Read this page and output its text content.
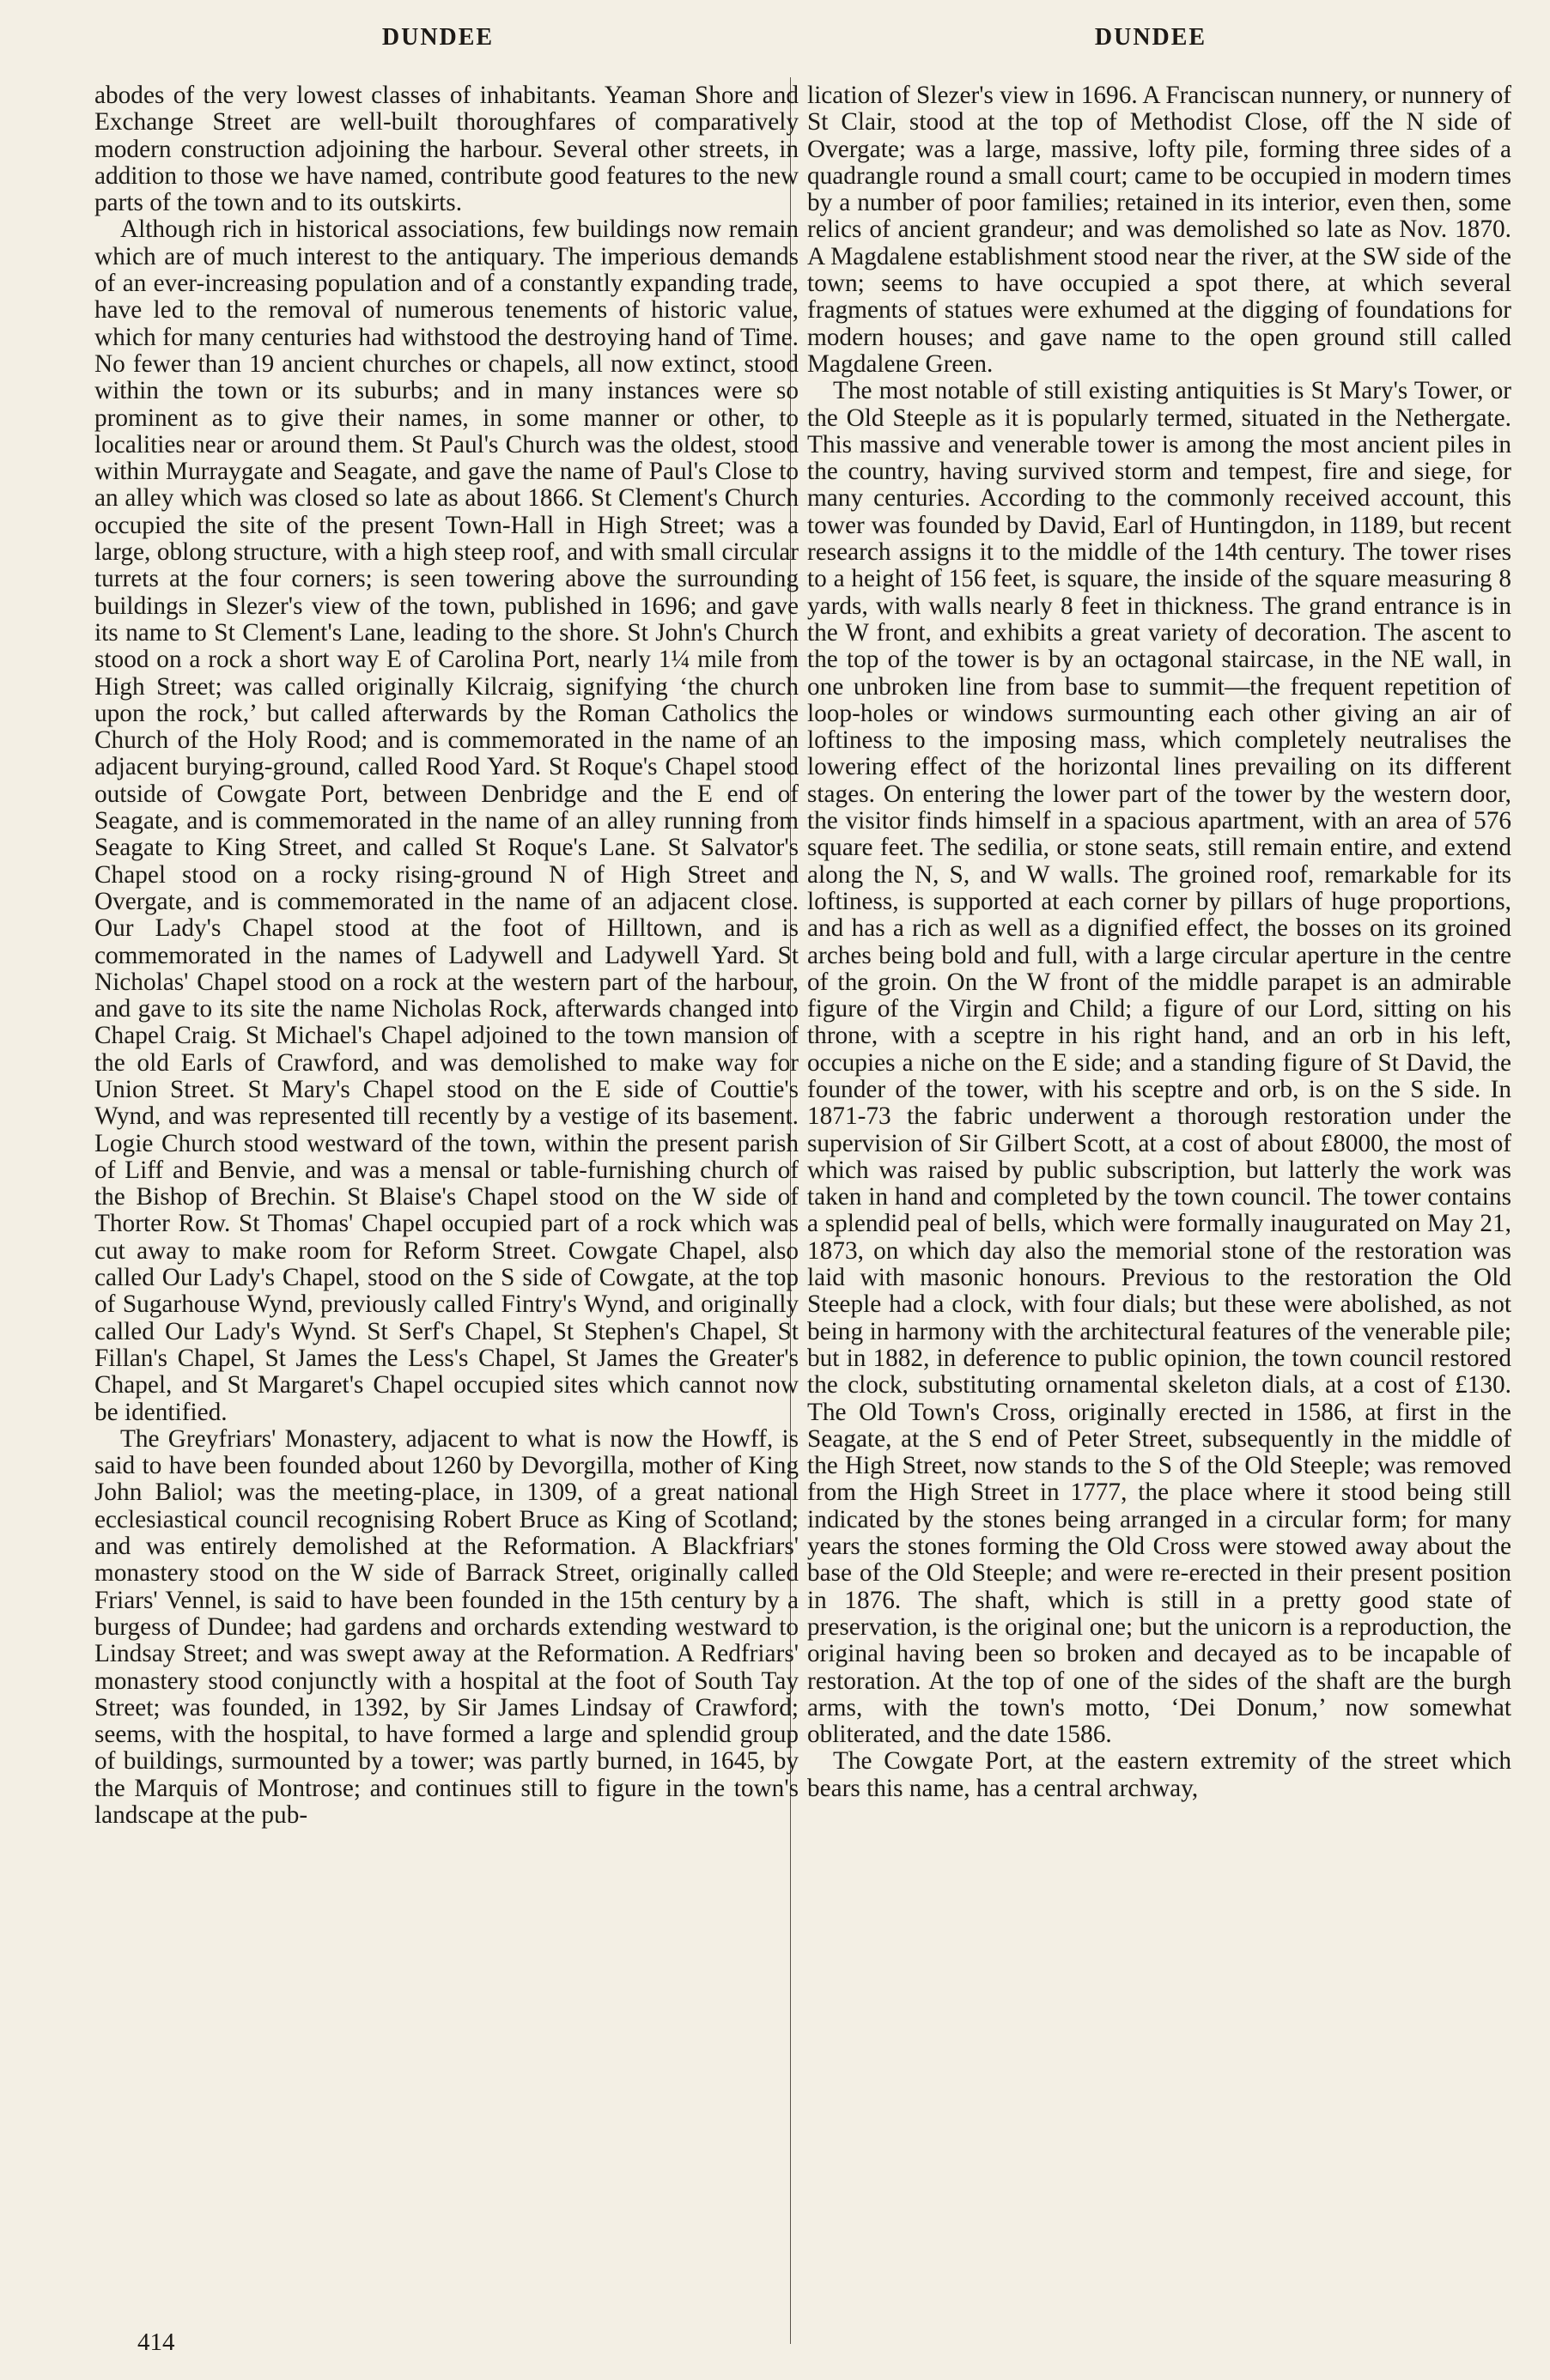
DUNDEE	DUNDEE

abodes of the very lowest classes of inhabitants. Yeaman Shore and Exchange Street are well-built thoroughfares of comparatively modern construction adjoining the harbour. Several other streets, in addition to those we have named, contribute good features to the new parts of the town and to its outskirts.

Although rich in historical associations, few buildings now remain which are of much interest to the antiquary. The imperious demands of an ever-increasing population and of a constantly expanding trade, have led to the removal of numerous tenements of historic value, which for many centuries had withstood the destroying hand of Time. No fewer than 19 ancient churches or chapels, all now extinct, stood within the town or its suburbs; and in many instances were so prominent as to give their names, in some manner or other, to localities near or around them. St Paul's Church was the oldest, stood within Murraygate and Seagate, and gave the name of Paul's Close to an alley which was closed so late as about 1866. St Clement's Church occupied the site of the present Town-Hall in High Street; was a large, oblong structure, with a high steep roof, and with small circular turrets at the four corners; is seen towering above the surrounding buildings in Slezer's view of the town, published in 1696; and gave its name to St Clement's Lane, leading to the shore. St John's Church stood on a rock a short way E of Carolina Port, nearly 1¼ mile from High Street; was called originally Kilcraig, signifying ‘the church upon the rock,’ but called afterwards by the Roman Catholics the Church of the Holy Rood; and is commemorated in the name of an adjacent burying-ground, called Rood Yard. St Roque's Chapel stood outside of Cowgate Port, between Denbridge and the E end of Seagate, and is commemorated in the name of an alley running from Seagate to King Street, and called St Roque's Lane. St Salvator's Chapel stood on a rocky rising-ground N of High Street and Overgate, and is commemorated in the name of an adjacent close. Our Lady's Chapel stood at the foot of Hilltown, and is commemorated in the names of Ladywell and Ladywell Yard. St Nicholas' Chapel stood on a rock at the western part of the harbour, and gave to its site the name Nicholas Rock, afterwards changed into Chapel Craig. St Michael's Chapel adjoined to the town mansion of the old Earls of Crawford, and was demolished to make way for Union Street. St Mary's Chapel stood on the E side of Couttie's Wynd, and was represented till recently by a vestige of its basement. Logie Church stood westward of the town, within the present parish of Liff and Benvie, and was a mensal or table-furnishing church of the Bishop of Brechin. St Blaise's Chapel stood on the W side of Thorter Row. St Thomas' Chapel occupied part of a rock which was cut away to make room for Reform Street. Cowgate Chapel, also called Our Lady's Chapel, stood on the S side of Cowgate, at the top of Sugarhouse Wynd, previously called Fintry's Wynd, and originally called Our Lady's Wynd. St Serf's Chapel, St Stephen's Chapel, St Fillan's Chapel, St James the Less's Chapel, St James the Greater's Chapel, and St Margaret's Chapel occupied sites which cannot now be identified.

The Greyfriars' Monastery, adjacent to what is now the Howff, is said to have been founded about 1260 by Devorgilla, mother of King John Baliol; was the meeting-place, in 1309, of a great national ecclesiastical council recognising Robert Bruce as King of Scotland; and was entirely demolished at the Reformation. A Blackfriars' monastery stood on the W side of Barrack Street, originally called Friars' Vennel, is said to have been founded in the 15th century by a burgess of Dundee; had gardens and orchards extending westward to Lindsay Street; and was swept away at the Reformation. A Redfriars' monastery stood conjunctly with a hospital at the foot of South Tay Street; was founded, in 1392, by Sir James Lindsay of Crawford; seems, with the hospital, to have formed a large and splendid group of buildings, surmounted by a tower; was partly burned, in 1645, by the Marquis of Montrose; and continues still to figure in the town's landscape at the pub-

lication of Slezer's view in 1696. A Franciscan nunnery, or nunnery of St Clair, stood at the top of Methodist Close, off the N side of Overgate; was a large, massive, lofty pile, forming three sides of a quadrangle round a small court; came to be occupied in modern times by a number of poor families; retained in its interior, even then, some relics of ancient grandeur; and was demolished so late as Nov. 1870. A Magdalene establishment stood near the river, at the SW side of the town; seems to have occupied a spot there, at which several fragments of statues were exhumed at the digging of foundations for modern houses; and gave name to the open ground still called Magdalene Green.

The most notable of still existing antiquities is St Mary's Tower, or the Old Steeple as it is popularly termed, situated in the Nethergate. This massive and venerable tower is among the most ancient piles in the country, having survived storm and tempest, fire and siege, for many centuries. According to the commonly received account, this tower was founded by David, Earl of Huntingdon, in 1189, but recent research assigns it to the middle of the 14th century. The tower rises to a height of 156 feet, is square, the inside of the square measuring 8 yards, with walls nearly 8 feet in thickness. The grand entrance is in the W front, and exhibits a great variety of decoration. The ascent to the top of the tower is by an octagonal staircase, in the NE wall, in one unbroken line from base to summit—the frequent repetition of loop-holes or windows surmounting each other giving an air of loftiness to the imposing mass, which completely neutralises the lowering effect of the horizontal lines prevailing on its different stages. On entering the lower part of the tower by the western door, the visitor finds himself in a spacious apartment, with an area of 576 square feet. The sedilia, or stone seats, still remain entire, and extend along the N, S, and W walls. The groined roof, remarkable for its loftiness, is supported at each corner by pillars of huge proportions, and has a rich as well as a dignified effect, the bosses on its groined arches being bold and full, with a large circular aperture in the centre of the groin. On the W front of the middle parapet is an admirable figure of the Virgin and Child; a figure of our Lord, sitting on his throne, with a sceptre in his right hand, and an orb in his left, occupies a niche on the E side; and a standing figure of St David, the founder of the tower, with his sceptre and orb, is on the S side. In 1871-73 the fabric underwent a thorough restoration under the supervision of Sir Gilbert Scott, at a cost of about £8000, the most of which was raised by public subscription, but latterly the work was taken in hand and completed by the town council. The tower contains a splendid peal of bells, which were formally inaugurated on May 21, 1873, on which day also the memorial stone of the restoration was laid with masonic honours. Previous to the restoration the Old Steeple had a clock, with four dials; but these were abolished, as not being in harmony with the architectural features of the venerable pile; but in 1882, in deference to public opinion, the town council restored the clock, substituting ornamental skeleton dials, at a cost of £130. The Old Town's Cross, originally erected in 1586, at first in the Seagate, at the S end of Peter Street, subsequently in the middle of the High Street, now stands to the S of the Old Steeple; was removed from the High Street in 1777, the place where it stood being still indicated by the stones being arranged in a circular form; for many years the stones forming the Old Cross were stowed away about the base of the Old Steeple; and were re-erected in their present position in 1876. The shaft, which is still in a pretty good state of preservation, is the original one; but the unicorn is a reproduction, the original having been so broken and decayed as to be incapable of restoration. At the top of one of the sides of the shaft are the burgh arms, with the town's motto, ‘Dei Donum,’ now somewhat obliterated, and the date 1586.

The Cowgate Port, at the eastern extremity of the street which bears this name, has a central archway,

414
